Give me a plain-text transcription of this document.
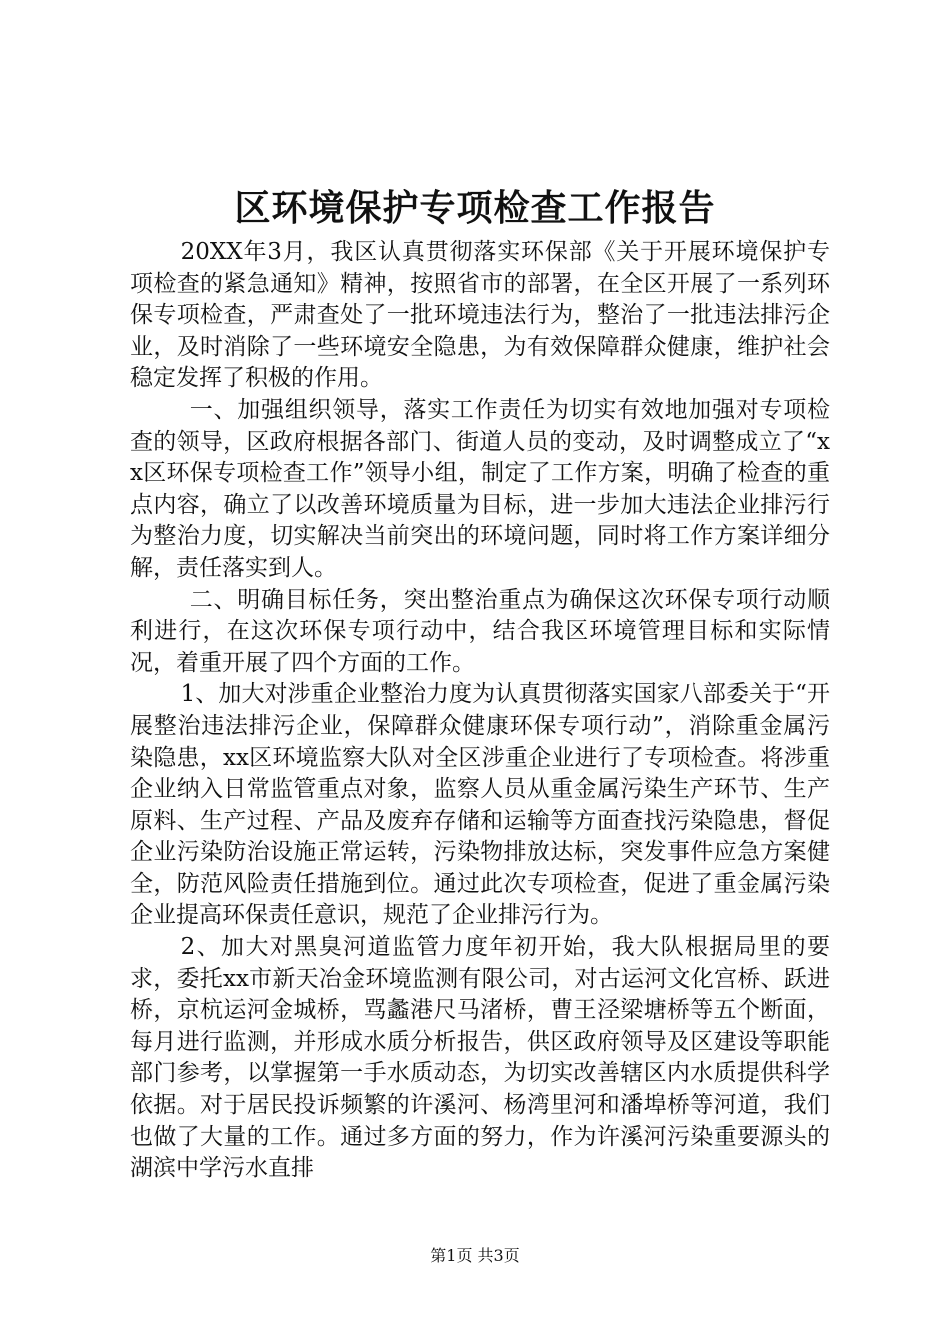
区环境保护专项检查工作报告

20XX年3月，我区认真贯彻落实环保部《关于开展环境保护专项检查的紧急通知》精神，按照省市的部署，在全区开展了一系列环保专项检查，严肃查处了一批环境违法行为，整治了一批违法排污企业，及时消除了一些环境安全隐患，为有效保障群众健康，维护社会稳定发挥了积极的作用。

一、加强组织领导，落实工作责任为切实有效地加强对专项检查的领导，区政府根据各部门、街道人员的变动，及时调整成立了“xx区环保专项检查工作”领导小组，制定了工作方案，明确了检查的重点内容，确立了以改善环境质量为目标，进一步加大违法企业排污行为整治力度，切实解决当前突出的环境问题，同时将工作方案详细分解，责任落实到人。

二、明确目标任务，突出整治重点为确保这次环保专项行动顺利进行，在这次环保专项行动中，结合我区环境管理目标和实际情况，着重开展了四个方面的工作。

1、加大对涉重企业整治力度为认真贯彻落实国家八部委关于“开展整治违法排污企业，保障群众健康环保专项行动”，消除重金属污染隐患，xx区环境监察大队对全区涉重企业进行了专项检查。将涉重企业纳入日常监管重点对象，监察人员从重金属污染生产环节、生产原料、生产过程、产品及废弃存储和运输等方面查找污染隐患，督促企业污染防治设施正常运转，污染物排放达标，突发事件应急方案健全，防范风险责任措施到位。通过此次专项检查，促进了重金属污染企业提高环保责任意识，规范了企业排污行为。

2、加大对黑臭河道监管力度年初开始，我大队根据局里的要求，委托xx市新天冶金环境监测有限公司，对古运河文化宫桥、跃进桥，京杭运河金城桥，骂蠡港尺马渚桥，曹王泾梁塘桥等五个断面，每月进行监测，并形成水质分析报告，供区政府领导及区建设等职能部门参考，以掌握第一手水质动态，为切实改善辖区内水质提供科学依据。对于居民投诉频繁的许溪河、杨湾里河和潘埠桥等河道，我们也做了大量的工作。通过多方面的努力，作为许溪河污染重要源头的湖滨中学污水直排

第1页 共3页
